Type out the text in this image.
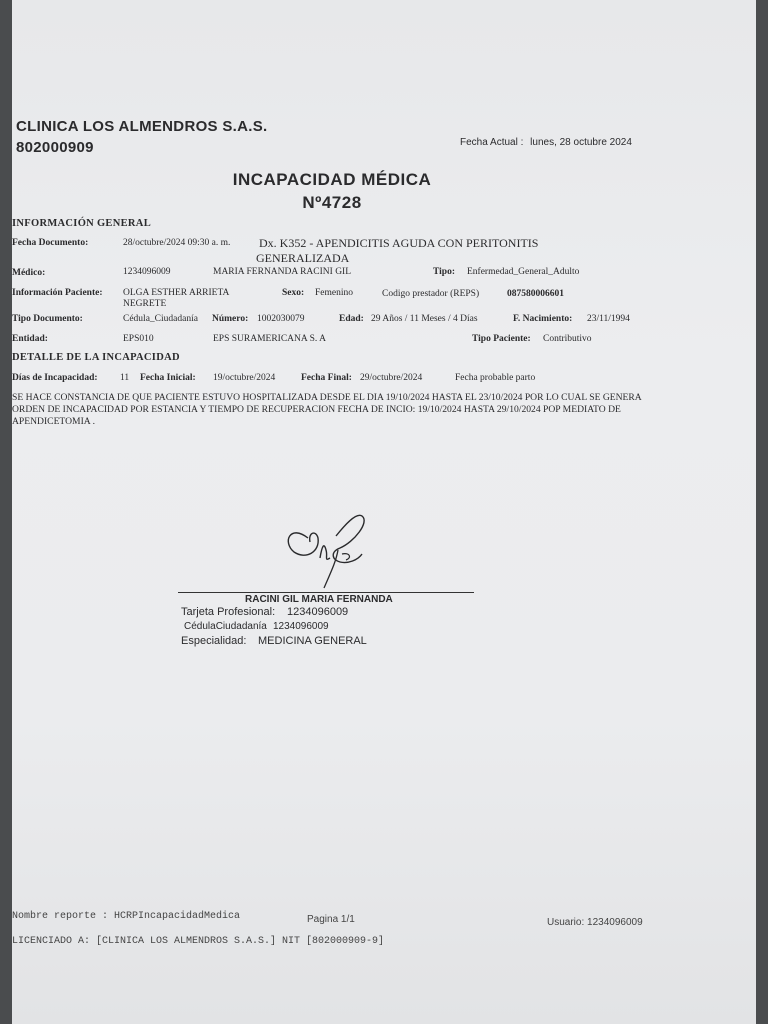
CLINICA LOS ALMENDROS S.A.S.
802000909	Fecha Actual : lunes, 28 octubre 2024
INCAPACIDAD MÉDICA
Nº4728
INFORMACIÓN GENERAL
Fecha Documento:	28/octubre/2024 09:30 a. m. Dx. K352 - APENDICITIS AGUDA CON PERITONITIS
GENERALIZADA
Médico:	1234096009	MARIA FERNANDA RACINI GIL	Tipo: Enfermedad_General_Adulto
Información Paciente: OLGA ESTHER ARRIETA
NEGRETE
Sexo: Femenino	Codigo prestador (REPS)	087580006601
Tipo Documento:	Cédula_Ciudadanía Número: 1002030079	Edad: 29 Años / 11 Meses / 4 Días	F. Nacimiento: 23/11/1994
Entidad:	EPS010	EPS SURAMERICANA S. A	Tipo Paciente: Contributivo
DETALLE DE LA INCAPACIDAD
Días de Incapacidad: 11 Fecha Inicial: 19/octubre/2024	Fecha Final: 29/octubre/2024	Fecha probable parto
SE HACE CONSTANCIA DE QUE PACIENTE ESTUVO HOSPITALIZADA DESDE EL DIA 19/10/2024 HASTA EL 23/10/2024 POR LO CUAL SE GENERA ORDEN DE INCAPACIDAD POR ESTANCIA Y TIEMPO DE RECUPERACION FECHA DE INCIO: 19/10/2024 HASTA 29/10/2024 POP MEDIATO DE APENDICETOMIA .
RACINI GIL MARIA FERNANDA
Tarjeta Profesional: 1234096009
CédulaCiudadanía 1234096009
Especialidad: MEDICINA GENERAL
Nombre reporte : HCRPIncapacidadMedica	Pagina 1/1	Usuario: 1234096009
LICENCIADO A: [CLINICA LOS ALMENDROS S.A.S.] NIT [802000909-9]
